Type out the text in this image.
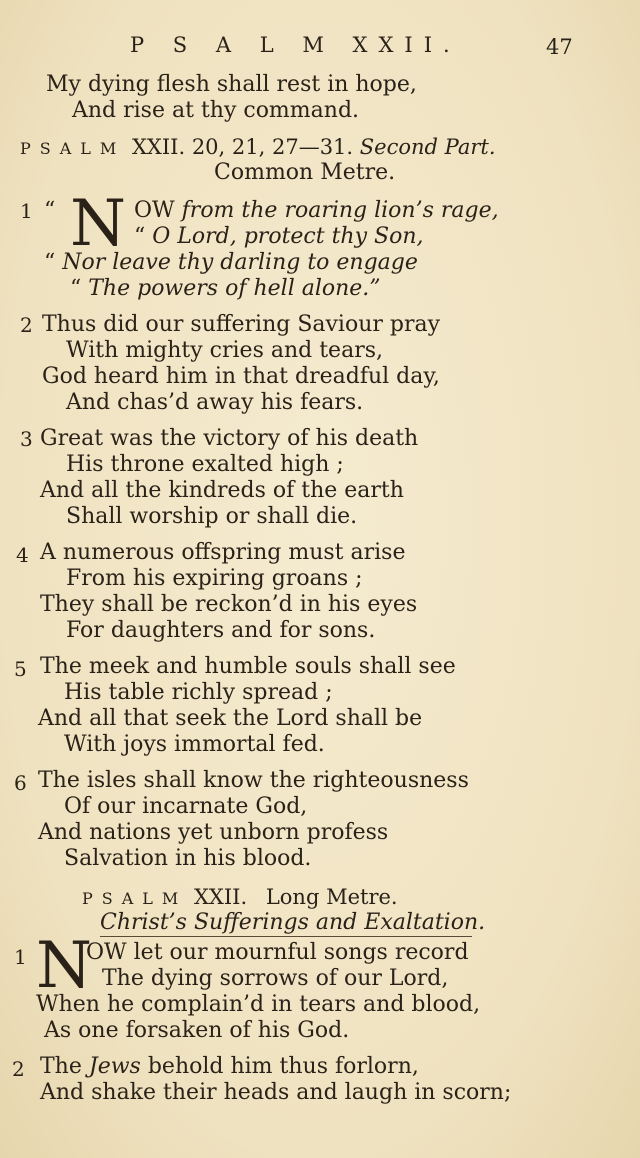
P S A L M XXII.	47
My dying flesh shall rest in hope,
And rise at thy command.
PSALM XXII. 20, 21, 27—31. Second Part.
Common Metre.
1 “ N OW from the roaring lion’s rage,
“ O Lord, protect thy Son,
“ Nor leave thy darling to engage
“ The powers of hell alone.”
2 Thus did our suffering Saviour pray
With mighty cries and tears,
God heard him in that dreadful day,
And chas’d away his fears.
3 Great was the victory of his death
His throne exalted high ;
And all the kindreds of the earth
Shall worship or shall die.
4 A numerous offspring must arise
From his expiring groans ;
They shall be reckon’d in his eyes
For daughters and for sons.
5 The meek and humble souls shall see
His table richly spread ;
And all that seek the Lord shall be
With joys immortal fed.
6 The isles shall know the righteousness
Of our incarnate God,
And nations yet unborn profess
Salvation in his blood.
PSALM XXII. Long Metre.
Christ’s Sufferings and Exaltation.
1 N
OW let our mournful songs record
The dying sorrows of our Lord,
When he complain’d in tears and blood,
As one forsaken of his God.
2 The Jews behold him thus forlorn,
And shake their heads and laugh in scorn;
